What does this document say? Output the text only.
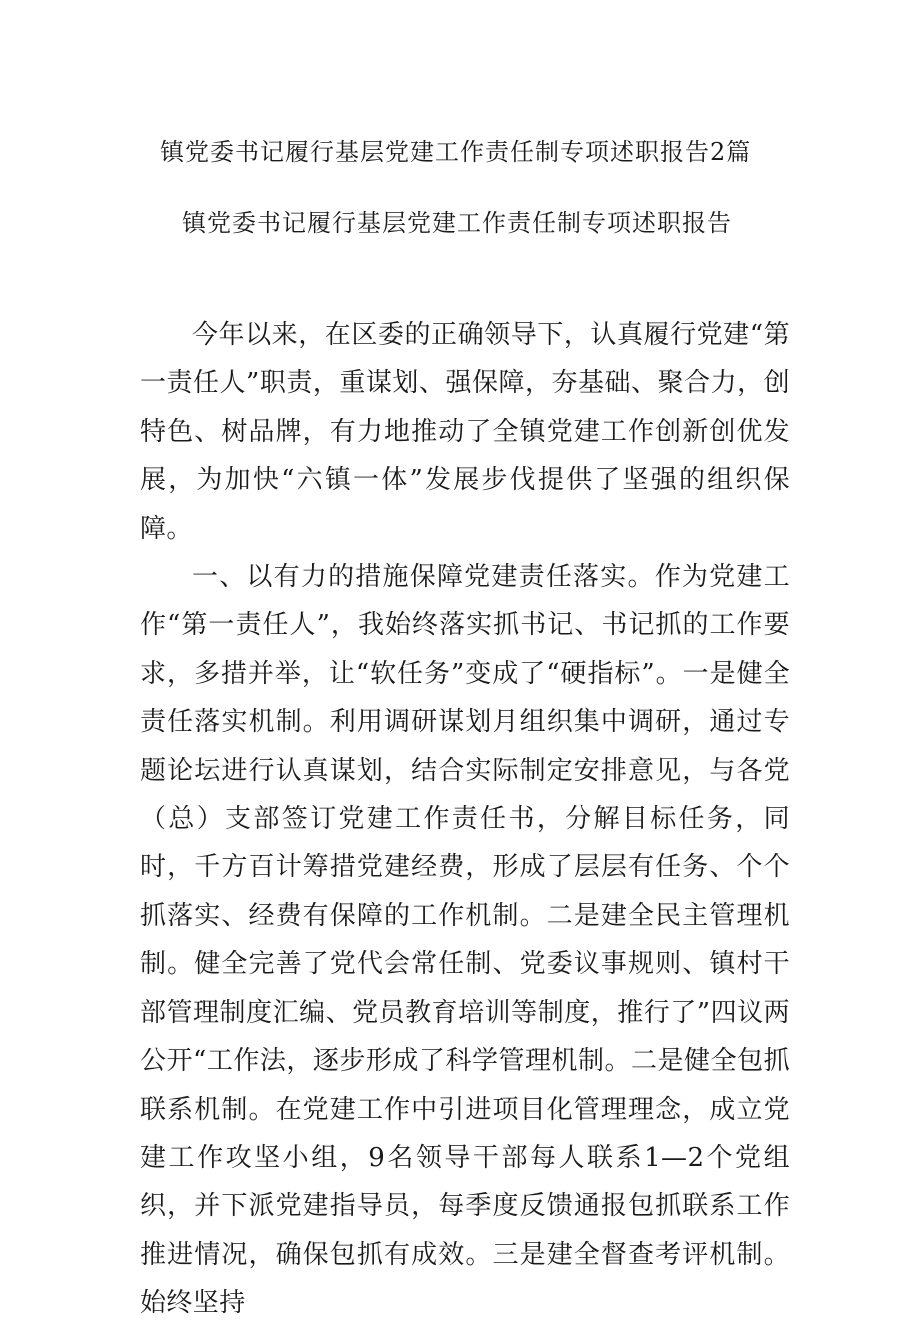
镇党委书记履行基层党建工作责任制专项述职报告2篇
镇党委书记履行基层党建工作责任制专项述职报告

今年以来，在区委的正确领导下，认真履行党建“第一责任人”职责，重谋划、强保障，夯基础、聚合力，创特色、树品牌，有力地推动了全镇党建工作创新创优发展，为加快“六镇一体”发展步伐提供了坚强的组织保障。

一、以有力的措施保障党建责任落实。作为党建工作“第一责任人”，我始终落实抓书记、书记抓的工作要求，多措并举，让“软任务”变成了“硬指标”。一是健全责任落实机制。利用调研谋划月组织集中调研，通过专题论坛进行认真谋划，结合实际制定安排意见，与各党（总）支部签订党建工作责任书，分解目标任务，同时，千方百计筹措党建经费，形成了层层有任务、个个抓落实、经费有保障的工作机制。二是建全民主管理机制。健全完善了党代会常任制、党委议事规则、镇村干部管理制度汇编、党员教育培训等制度，推行了”四议两公开“工作法，逐步形成了科学管理机制。二是健全包抓联系机制。在党建工作中引进项目化管理理念，成立党建工作攻坚小组，9名领导干部每人联系1—2个党组织，并下派党建指导员，每季度反馈通报包抓联系工作推进情况，确保包抓有成效。三是建全督查考评机制。始终坚持
